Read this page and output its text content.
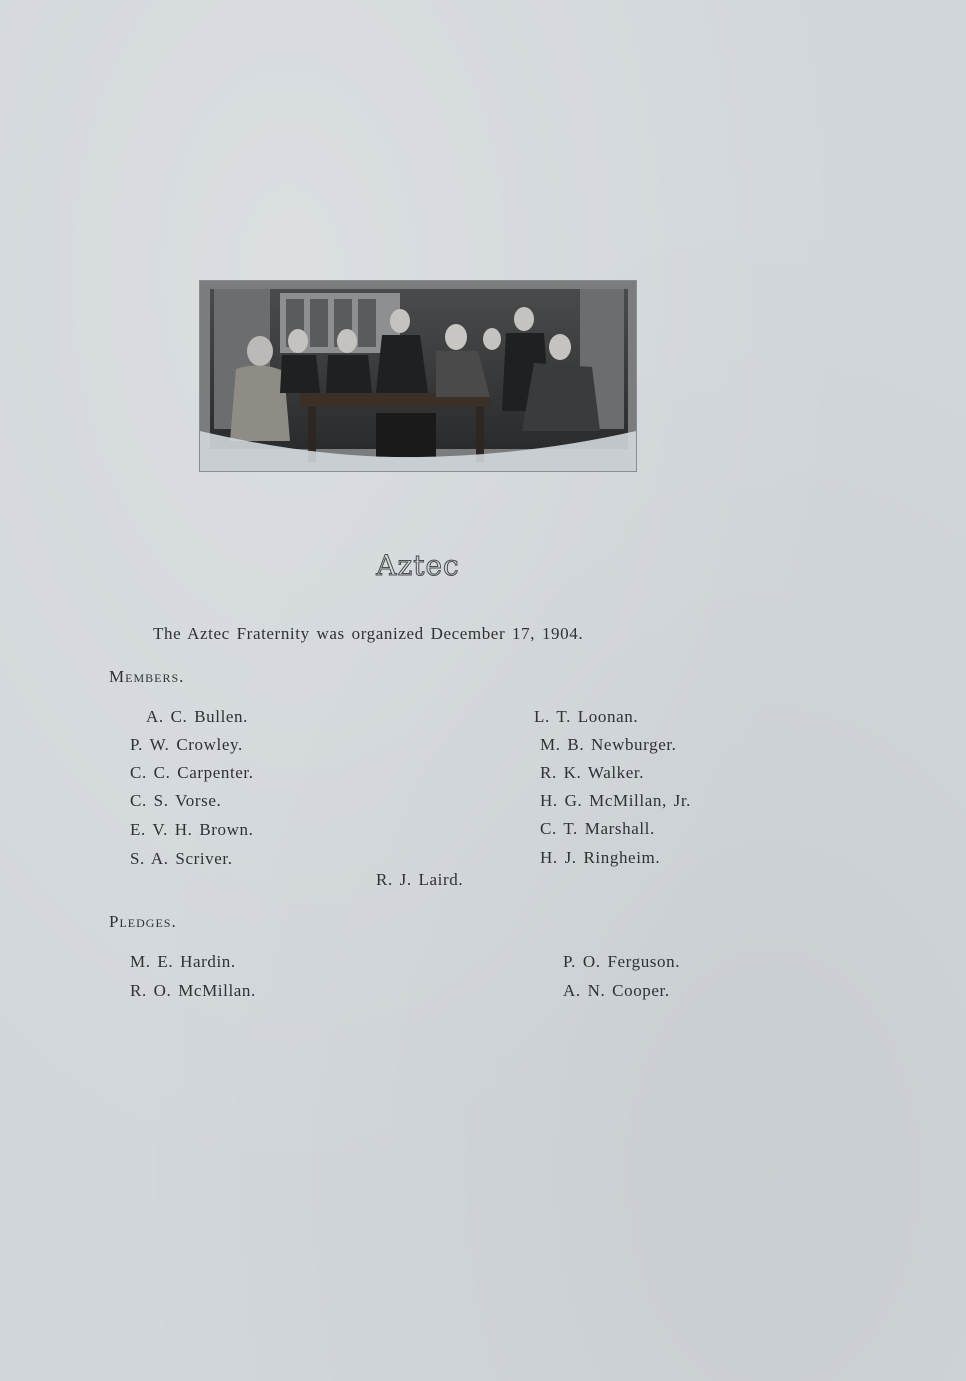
Aztec
The Aztec Fraternity was organized December 17, 1904.
Members.
A. C. Bullen.
P. W. Crowley.
C. C. Carpenter.
C. S. Vorse.
E. V. H. Brown.
S. A. Scriver.
R. J. Laird.
L. T. Loonan.
M. B. Newburger.
R. K. Walker.
H. G. McMillan, Jr.
C. T. Marshall.
H. J. Ringheim.
Pledges.
M. E. Hardin.
R. O. McMillan.
P. O. Ferguson.
A. N. Cooper.
